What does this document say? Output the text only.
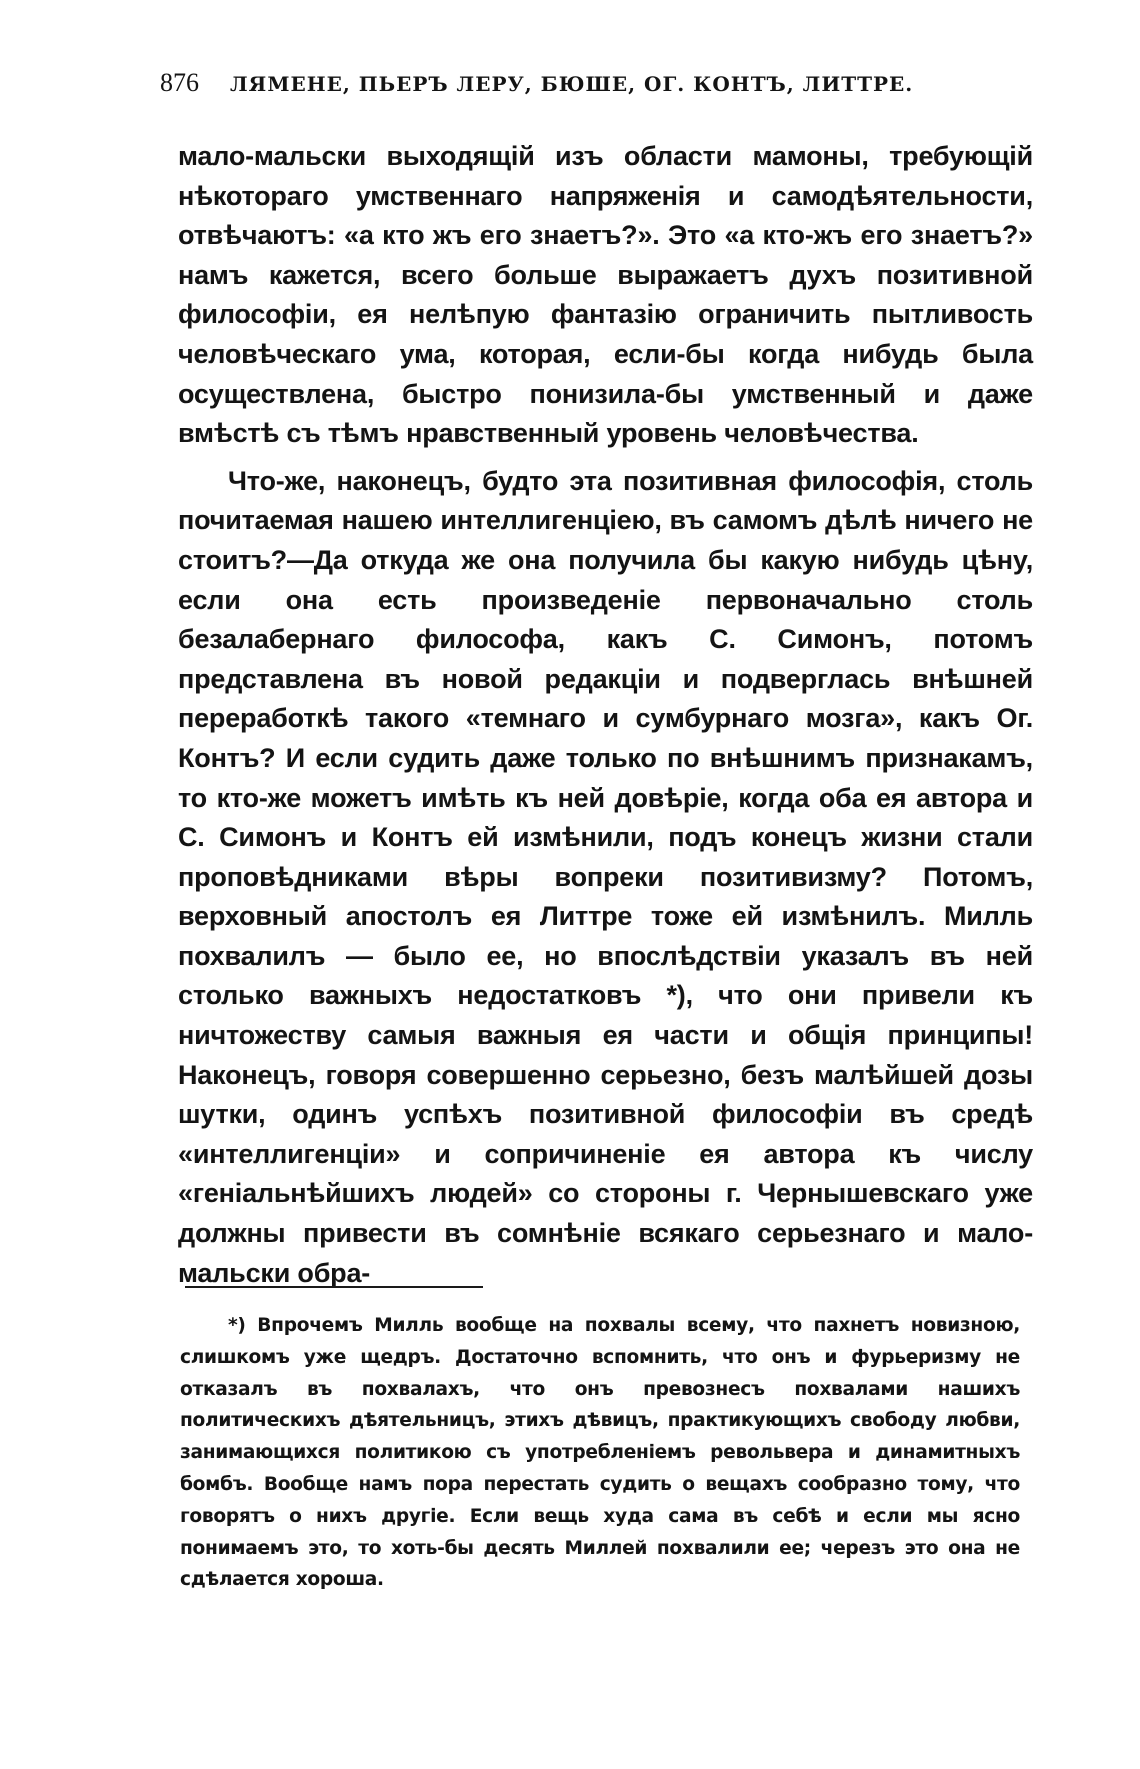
876 ЛЯМЕНЕ, ПЬЕРЪ ЛЕРУ, БЮШЕ, ОГ. КОНТЪ, ЛИТТРЕ.

мало-мальски выходящій изъ области мамоны, требующій нѣкотораго умственнаго напряженія и самодѣятельности, отвѣчаютъ: «а кто жъ его знаетъ?». Это «а кто-жъ его знаетъ?» намъ кажется, всего больше выражаетъ духъ позитивной философіи, ея нелѣпую фантазію ограничить пытливость человѣческаго ума, которая, если-бы когда нибудь была осуществлена, быстро понизила-бы умственный и даже вмѣстѣ съ тѣмъ нравственный уровень человѣчества.

Что-же, наконецъ, будто эта позитивная философія, столь почитаемая нашею интеллигенціею, въ самомъ дѣлѣ ничего не стоитъ?—Да откуда же она получила бы какую нибудь цѣну, если она есть произведеніе первоначально столь безалабернаго философа, какъ С. Симонъ, потомъ представлена въ новой редакціи и подверглась внѣшней переработкѣ такого «темнаго и сумбурнаго мозга», какъ Ог. Контъ? И если судить даже только по внѣшнимъ признакамъ, то кто-же можетъ имѣть къ ней довѣріе, когда оба ея автора и С. Симонъ и Контъ ей измѣнили, подъ конецъ жизни стали проповѣдниками вѣры вопреки позитивизму? Потомъ, верховный апостолъ ея Литтре тоже ей измѣнилъ. Милль похвалилъ — было ее, но впослѣдствіи указалъ въ ней столько важныхъ недостатковъ *), что они привели къ ничтожеству самыя важныя ея части и общія принципы! Наконецъ, говоря совершенно серьезно, безъ малѣйшей дозы шутки, одинъ успѣхъ позитивной философіи въ средѣ «интеллигенціи» и сопричиненіе ея автора къ числу «геніальнѣйшихъ людей» со стороны г. Чернышевскаго уже должны привести въ сомнѣніе всякаго серьезнаго и мало-мальски обра-

*) Впрочемъ Милль вообще на похвалы всему, что пахнетъ новизною, слишкомъ уже щедръ. Достаточно вспомнить, что онъ и фурьеризму не отказалъ въ похвалахъ, что онъ превознесъ похвалами нашихъ политическихъ дѣятельницъ, этихъ дѣвицъ, практикующихъ свободу любви, занимающихся политикою съ употребленіемъ револьвера и динамитныхъ бомбъ. Вообще намъ пора перестать судить о вещахъ сообразно тому, что говорятъ о нихъ другіе. Если вещь худа сама въ себѣ и если мы ясно понимаемъ это, то хоть-бы десять Миллей похвалили ее; черезъ это она не сдѣлается хороша.
